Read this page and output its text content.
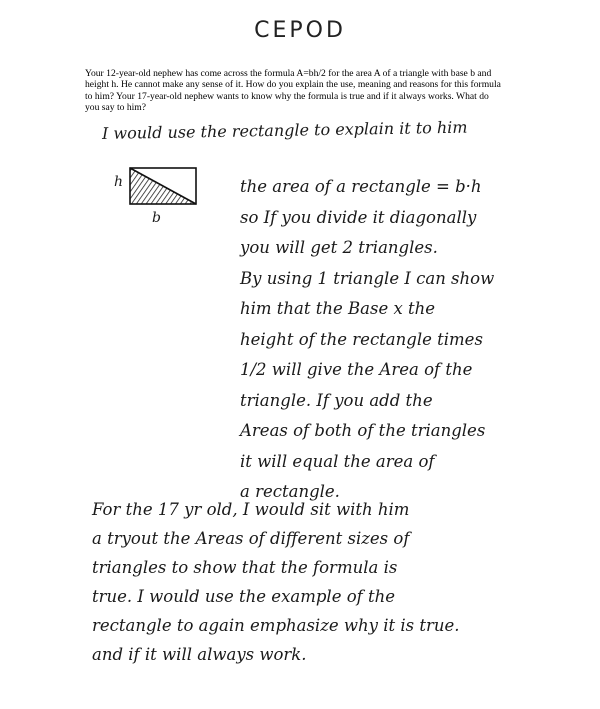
CEPOD
Your 12-year-old nephew has come across the formula A=bh/2 for the area A of a triangle with base b and height h. He cannot make any sense of it. How do you explain the use, meaning and reasons for this formula to him? Your 17-year-old nephew wants to know why the formula is true and if it always works. What do you say to him?
I would use the rectangle to explain it to him
h
b
the area of a rectangle = b·h
so If you divide it diagonally
you will get 2 triangles.
By using 1 triangle I can show
him that the Base x the
height of the rectangle times
1/2 will give the Area of the
triangle. If you add the
Areas of both of the triangles
it will equal the area of
a rectangle.
For the 17 yr old, I would sit with him
a tryout the Areas of different sizes of
triangles to show that the formula is
true. I would use the example of the
rectangle to again emphasize why it is true.
and if it will always work.
